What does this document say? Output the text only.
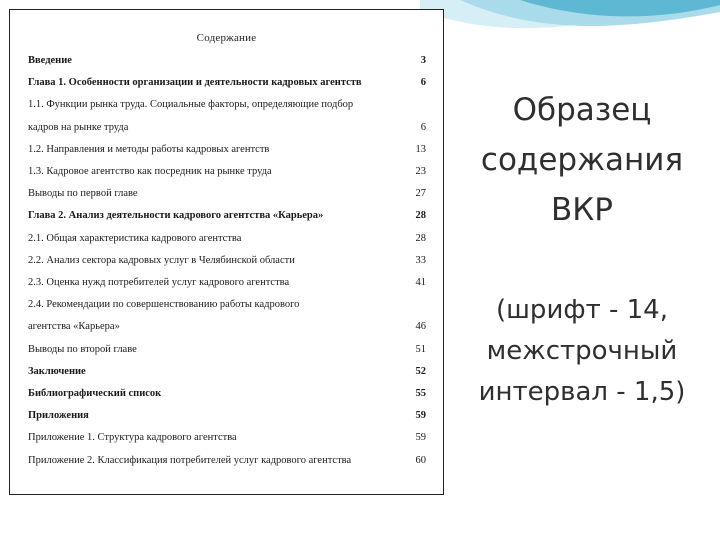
Содержание
Введение	3
Глава 1. Особенности организации и деятельности кадровых агентств	6
1.1. Функции рынка труда. Социальные факторы, определяющие подбор
кадров на рынке труда	6
1.2. Направления и методы работы кадровых агентств	13
1.3. Кадровое агентство как посредник на рынке труда	23
Выводы по первой главе	27
Глава 2. Анализ деятельности кадрового агентства «Карьера»	28
2.1. Общая характеристика кадрового агентства	28
2.2. Анализ сектора кадровых услуг в Челябинской области	33
2.3. Оценка нужд потребителей услуг кадрового агентства	41
2.4. Рекомендации по совершенствованию работы кадрового
агентства «Карьера»	46
Выводы по второй главе	51
Заключение	52
Библиографический список	55
Приложения	59
Приложение 1. Структура кадрового агентства	59
Приложение 2. Классификация потребителей услуг кадрового агентства	60
Образец
содержания
ВКР
(шрифт - 14,
межстрочный
интервал - 1,5)
